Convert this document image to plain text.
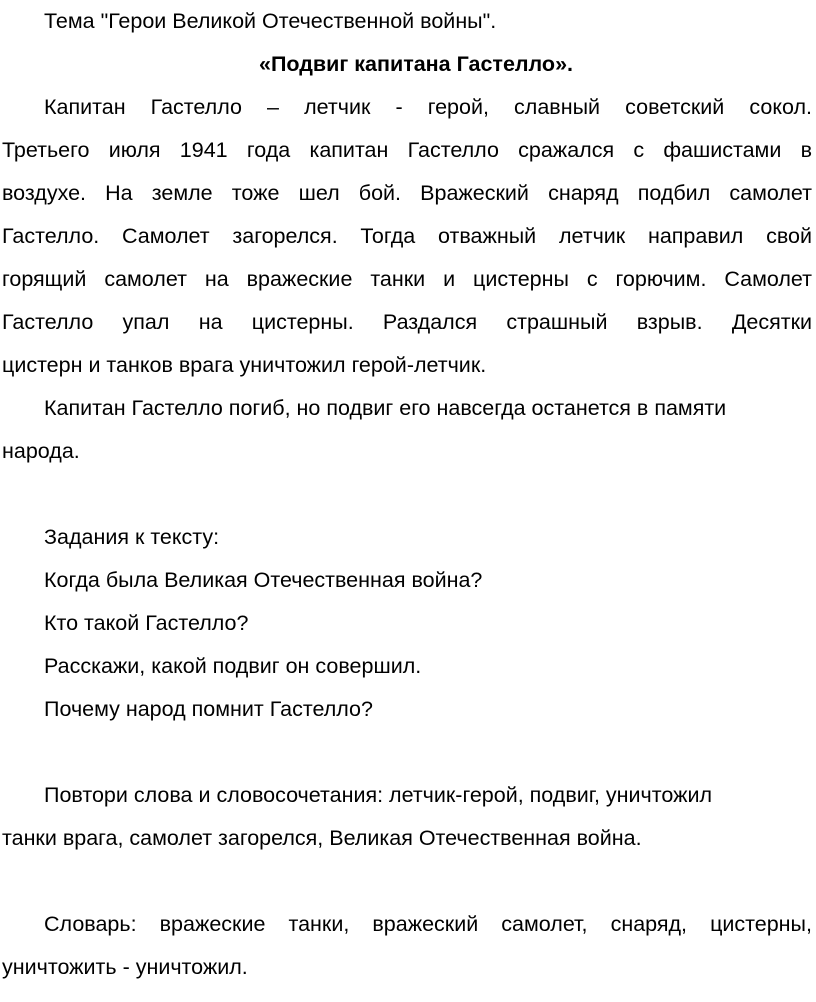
Тема "Герои Великой Отечественной войны".

«Подвиг капитана Гастелло».

Капитан Гастелло – летчик - герой, славный советский сокол.

Третьего июля 1941 года капитан Гастелло сражался с фашистами в

воздухе. На земле тоже шел бой. Вражеский снаряд подбил самолет

Гастелло. Самолет загорелся. Тогда отважный летчик направил свой

горящий самолет на вражеские танки и цистерны с горючим. Самолет

Гастелло упал на цистерны. Раздался страшный взрыв. Десятки

цистерн и танков врага уничтожил герой-летчик.

Капитан Гастелло погиб, но подвиг его навсегда останется в памяти

народа.

Задания к тексту:

Когда была Великая Отечественная война?

Кто такой Гастелло?

Расскажи, какой подвиг он совершил.

Почему народ помнит Гастелло?

Повтори слова и словосочетания: летчик-герой, подвиг, уничтожил

танки врага, самолет загорелся, Великая Отечественная война.

Словарь: вражеские танки, вражеский самолет, снаряд, цистерны,

уничтожить - уничтожил.
